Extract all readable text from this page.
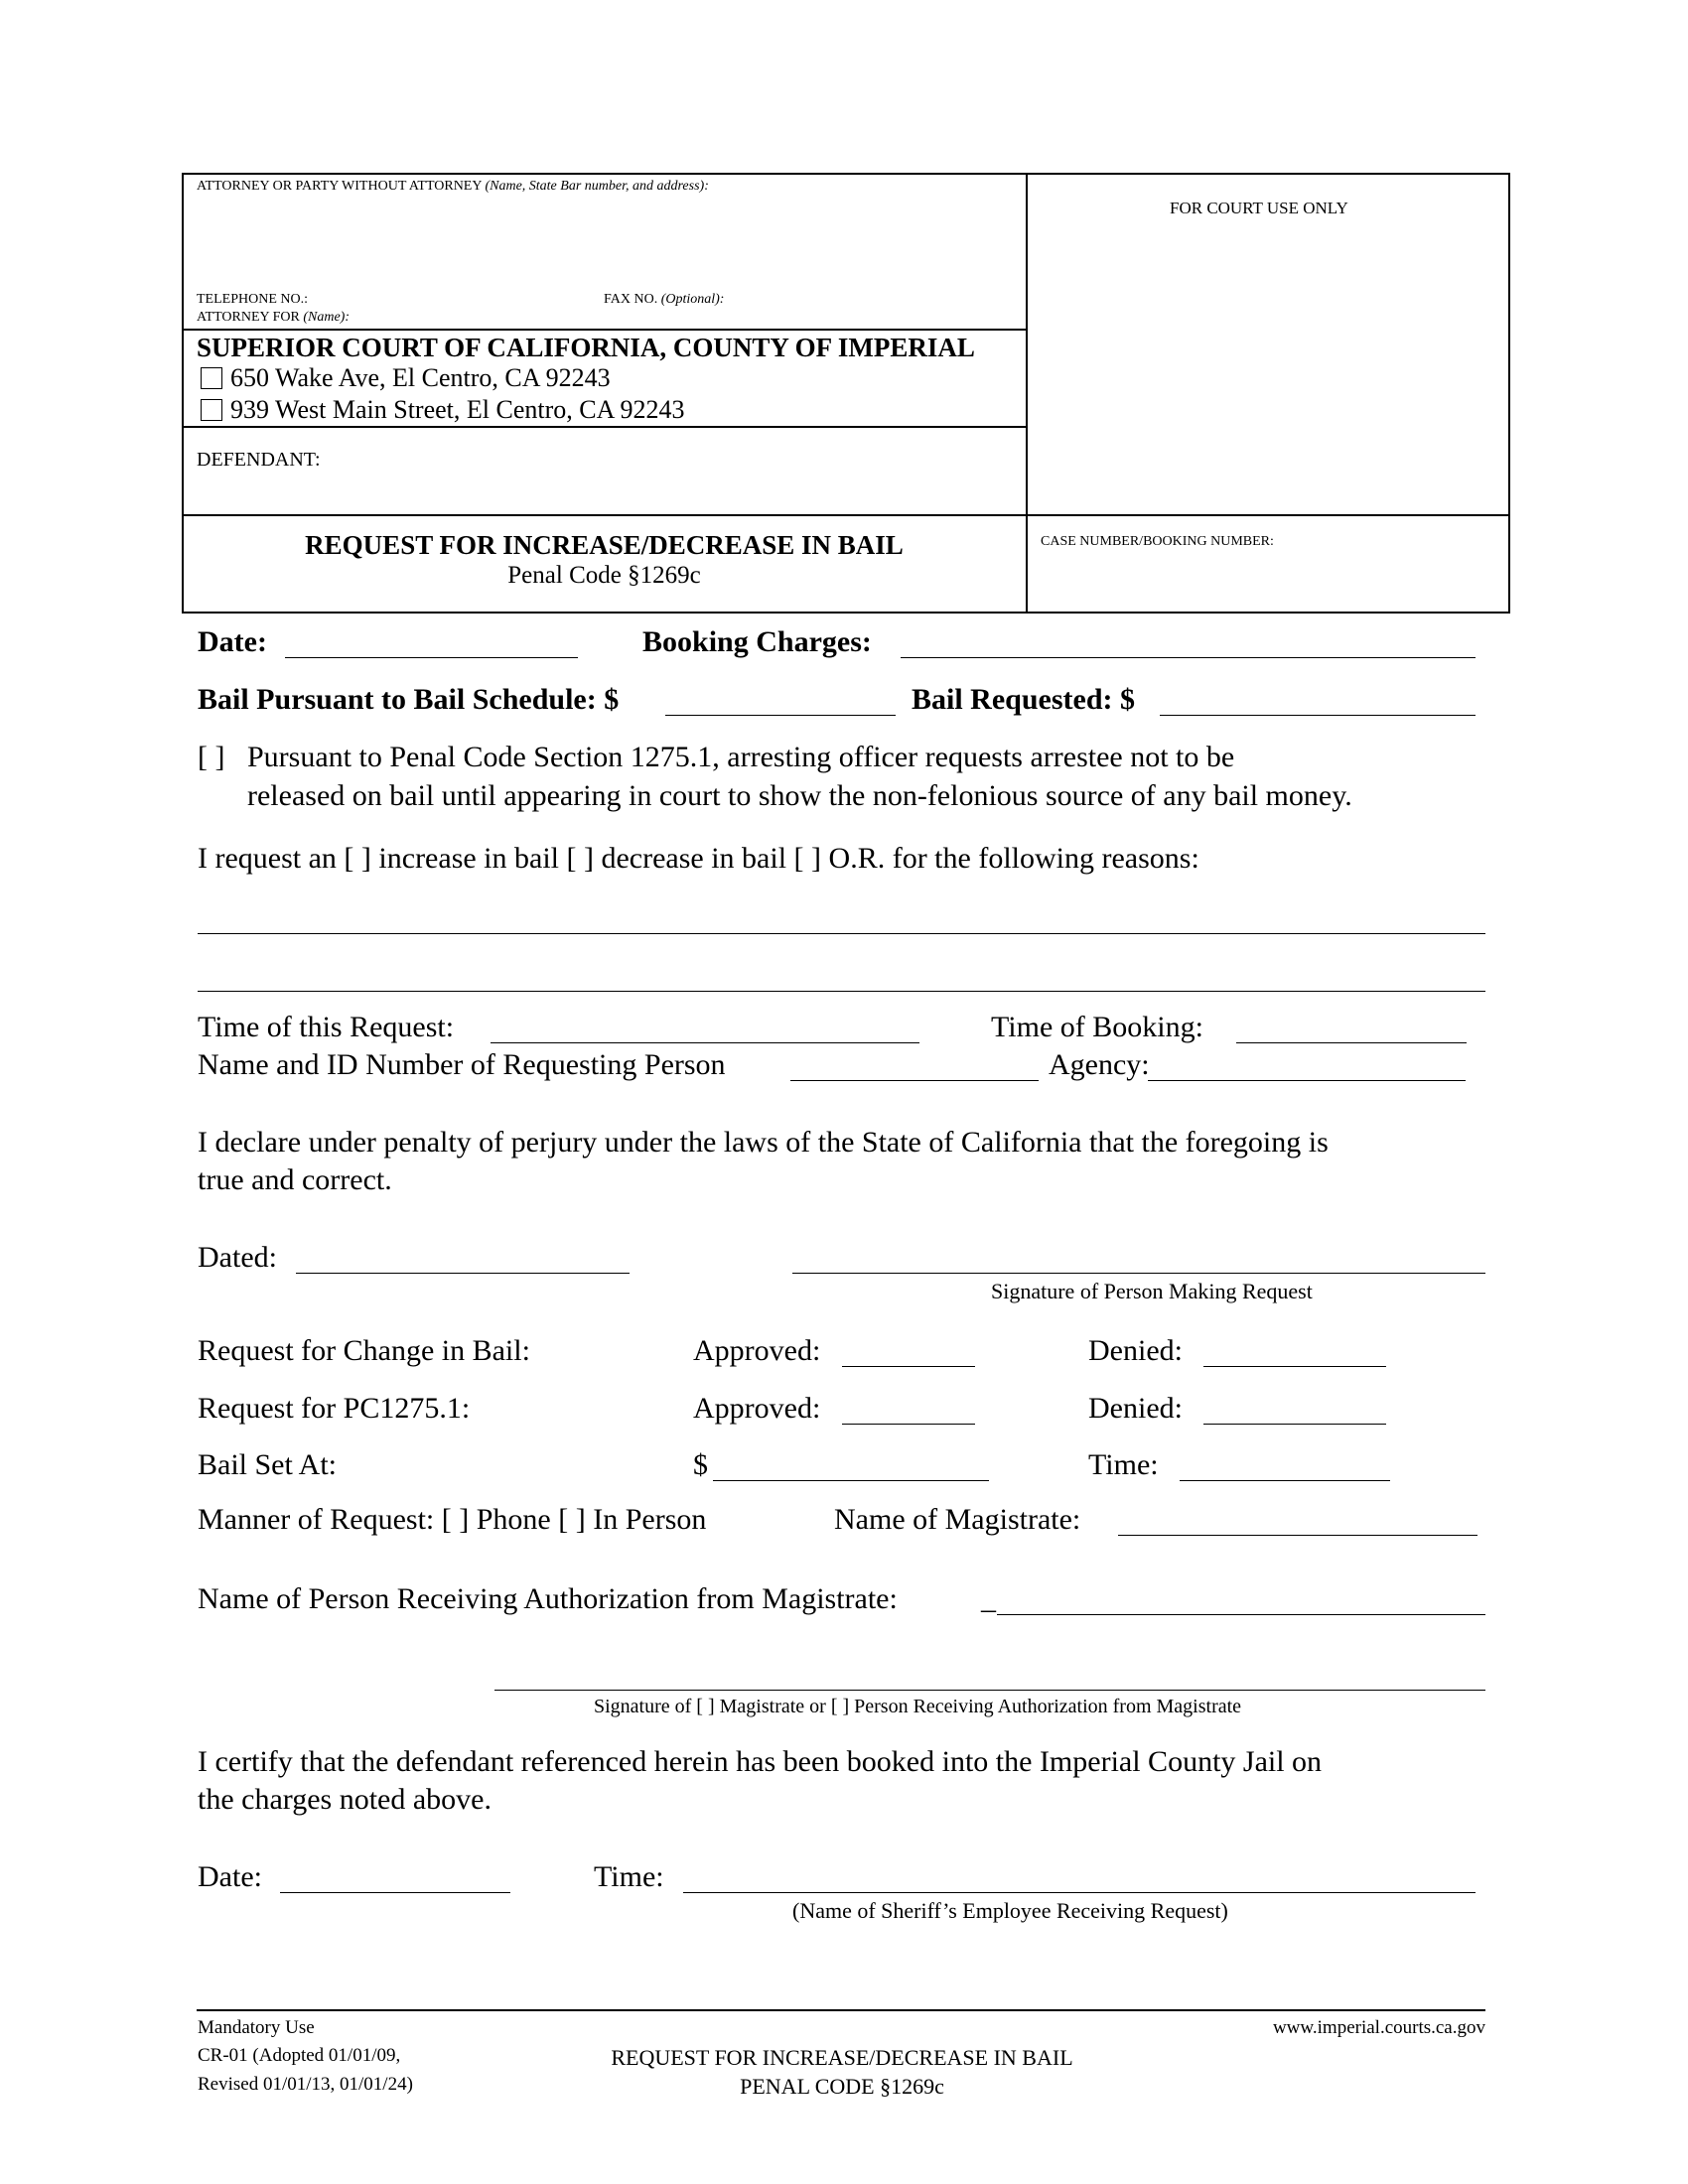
ATTORNEY OR PARTY WITHOUT ATTORNEY (Name, State Bar number, and address):
FOR COURT USE ONLY
TELEPHONE NO.:	FAX NO. (Optional):
ATTORNEY FOR (Name):
SUPERIOR COURT OF CALIFORNIA, COUNTY OF IMPERIAL
650 Wake Ave, El Centro, CA 92243
939 West Main Street, El Centro, CA 92243
DEFENDANT:
REQUEST FOR INCREASE/DECREASE IN BAIL
Penal Code §1269c
CASE NUMBER/BOOKING NUMBER:
Date:	Booking Charges:
Bail Pursuant to Bail Schedule: $	Bail Requested: $
[ ] Pursuant to Penal Code Section 1275.1, arresting officer requests arrestee not to be
released on bail until appearing in court to show the non-felonious source of any bail money.
I request an [ ] increase in bail [ ] decrease in bail [ ] O.R. for the following reasons:
Time of this Request:	Time of Booking:
Name and ID Number of Requesting Person	Agency:
I declare under penalty of perjury under the laws of the State of California that the foregoing is
true and correct.
Dated:
Signature of Person Making Request
Request for Change in Bail:	Approved:	Denied:
Request for PC1275.1:	Approved:	Denied:
Bail Set At:	$	Time:
Manner of Request: [ ] Phone [ ] In Person	Name of Magistrate:
Name of Person Receiving Authorization from Magistrate:	_
Signature of [ ] Magistrate or [ ] Person Receiving Authorization from Magistrate
I certify that the defendant referenced herein has been booked into the Imperial County Jail on
the charges noted above.
Date:	Time:
(Name of Sheriff’s Employee Receiving Request)
Mandatory Use
CR-01 (Adopted 01/01/09,
Revised 01/01/13, 01/01/24)
REQUEST FOR INCREASE/DECREASE IN BAIL
PENAL CODE §1269c
www.imperial.courts.ca.gov
